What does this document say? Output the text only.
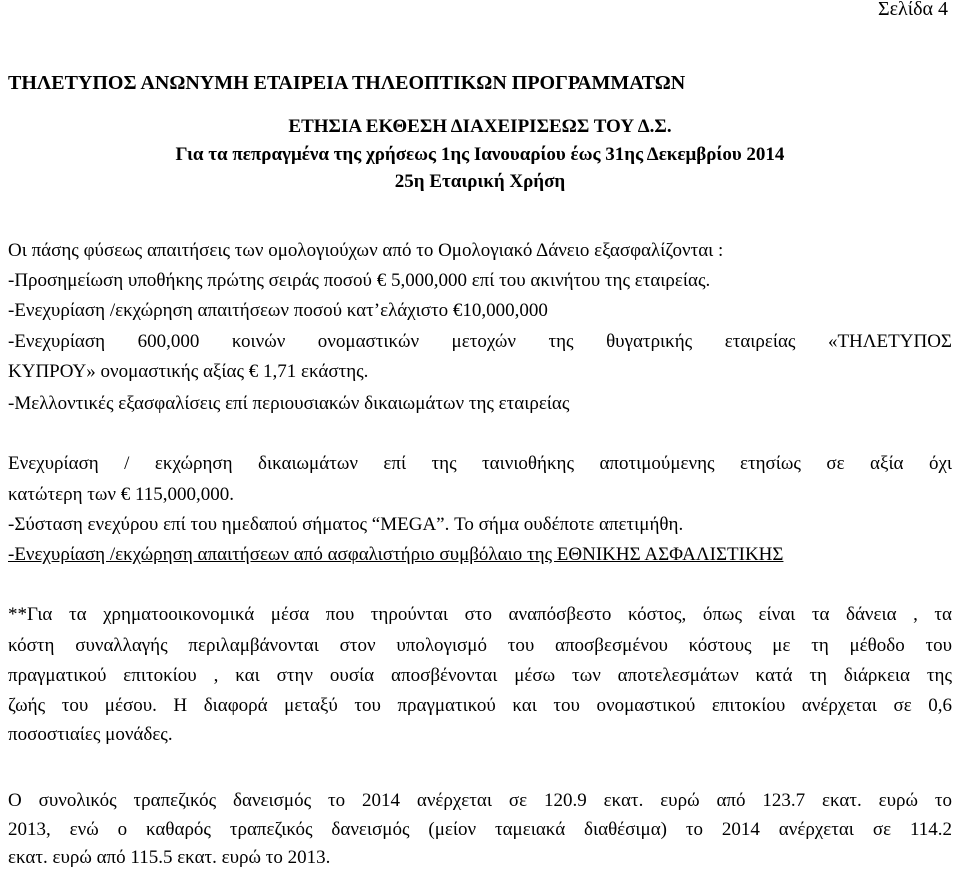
Σελίδα 4
ΤΗΛΕΤΥΠΟΣ ΑΝΩΝΥΜΗ ΕΤΑΙΡΕΙΑ ΤΗΛΕΟΠΤΙΚΩΝ ΠΡΟΓΡΑΜΜΑΤΩΝ
ΕΤΗΣΙΑ ΕΚΘΕΣΗ ΔΙΑΧΕΙΡΙΣΕΩΣ ΤΟΥ Δ.Σ.
Για τα πεπραγμένα της χρήσεως 1ης Ιανουαρίου έως 31ης Δεκεμβρίου 2014
25η Εταιρική Χρήση
Οι πάσης φύσεως απαιτήσεις των ομολογιούχων από το Ομολογιακό Δάνειο εξασφαλίζονται :
-Προσημείωση υποθήκης πρώτης σειράς ποσού € 5,000,000 επί του ακινήτου της εταιρείας.
-Ενεχυρίαση /εκχώρηση απαιτήσεων ποσού κατ’ελάχιστο €10,000,000
-Ενεχυρίαση 600,000 κοινών ονομαστικών μετοχών της θυγατρικής εταιρείας «ΤΗΛΕΤΥΠΟΣ
ΚΥΠΡΟΥ» ονομαστικής αξίας € 1,71 εκάστης.
-Μελλοντικές εξασφαλίσεις επί περιουσιακών δικαιωμάτων της εταιρείας
Ενεχυρίαση / εκχώρηση δικαιωμάτων επί της ταινιοθήκης αποτιμούμενης ετησίως σε αξία όχι
κατώτερη των € 115,000,000.
-Σύσταση ενεχύρου επί του ημεδαπού σήματος “MEGA”. Το σήμα ουδέποτε απετιμήθη.
-Ενεχυρίαση /εκχώρηση απαιτήσεων από ασφαλιστήριο συμβόλαιο της ΕΘΝΙΚΗΣ ΑΣΦΑΛΙΣΤΙΚΗΣ
**Για τα χρηματοοικονομικά μέσα που τηρούνται στο αναπόσβεστο κόστος, όπως είναι τα δάνεια , τα
κόστη συναλλαγής περιλαμβάνονται στον υπολογισμό του αποσβεσμένου κόστους με τη μέθοδο του
πραγματικού επιτοκίου , και στην ουσία αποσβένονται μέσω των αποτελεσμάτων κατά τη διάρκεια της
ζωής του μέσου. Η διαφορά μεταξύ του πραγματικού και του ονομαστικού επιτοκίου ανέρχεται σε 0,6
ποσοστιαίες μονάδες.
Ο συνολικός τραπεζικός δανεισμός το 2014 ανέρχεται σε 120.9 εκατ. ευρώ από 123.7 εκατ. ευρώ το
2013, ενώ ο καθαρός τραπεζικός δανεισμός (μείον ταμειακά διαθέσιμα) το 2014 ανέρχεται σε 114.2
εκατ. ευρώ από 115.5 εκατ. ευρώ το 2013.
